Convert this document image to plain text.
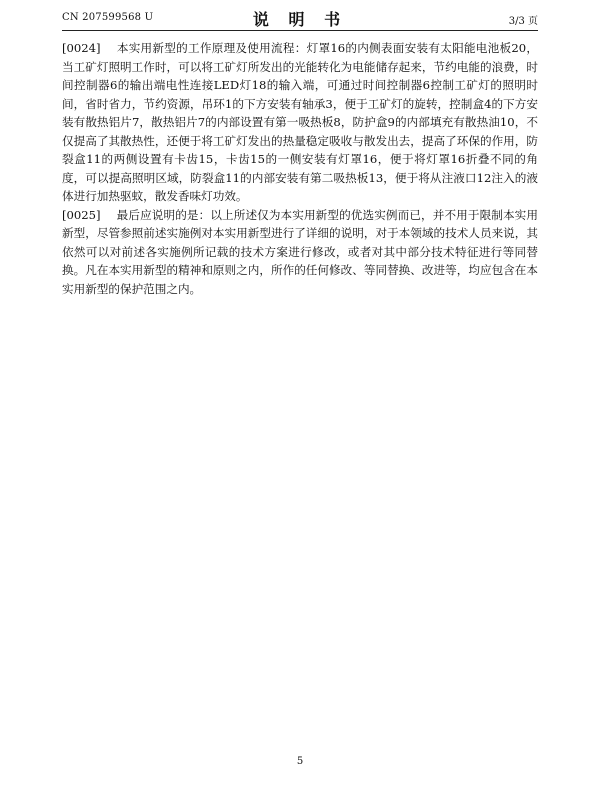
CN 207599568 U	说 明 书	3/3 页

[0024] 本实用新型的工作原理及使用流程：灯罩16的内侧表面安装有太阳能电池板20，当工矿灯照明工作时，可以将工矿灯所发出的光能转化为电能储存起来，节约电能的浪费，时间控制器6的输出端电性连接LED灯18的输入端，可通过时间控制器6控制工矿灯的照明时间，省时省力，节约资源，吊环1的下方安装有轴承3，便于工矿灯的旋转，控制盒4的下方安装有散热铝片7，散热铝片7的内部设置有第一吸热板8，防护盒9的内部填充有散热油10，不仅提高了其散热性，还便于将工矿灯发出的热量稳定吸收与散发出去，提高了环保的作用，防裂盒11的两侧设置有卡齿15，卡齿15的一侧安装有灯罩16，便于将灯罩16折叠不同的角度，可以提高照明区域，防裂盒11的内部安装有第二吸热板13，便于将从注液口12注入的液体进行加热驱蚊，散发香味灯功效。

[0025] 最后应说明的是：以上所述仅为本实用新型的优选实例而已，并不用于限制本实用新型，尽管参照前述实施例对本实用新型进行了详细的说明，对于本领域的技术人员来说，其依然可以对前述各实施例所记载的技术方案进行修改，或者对其中部分技术特征进行等同替换。凡在本实用新型的精神和原则之内，所作的任何修改、等同替换、改进等，均应包含在本实用新型的保护范围之内。

5
